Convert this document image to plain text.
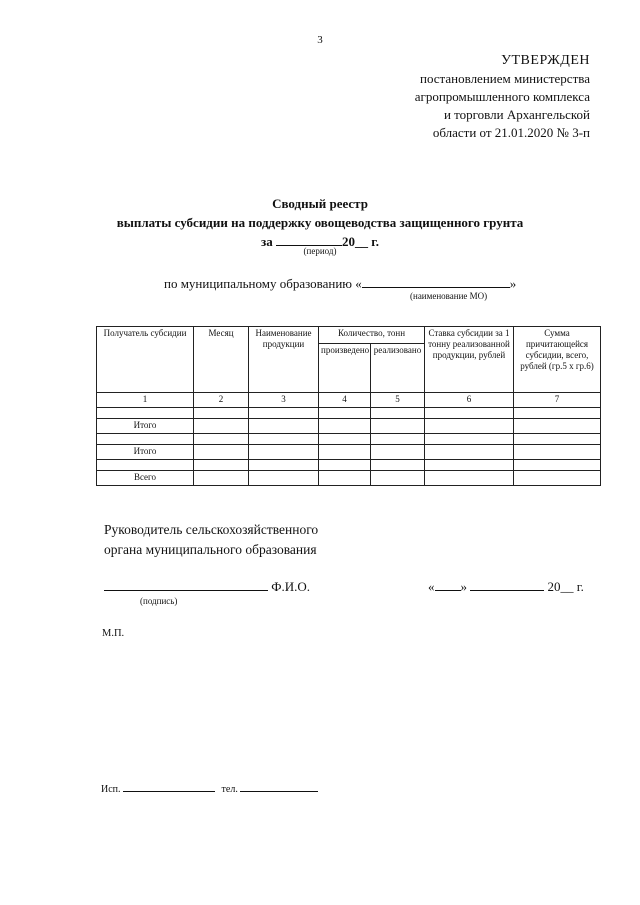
3
УТВЕРЖДЕН
постановлением министерства
агропромышленного комплекса
и торговли Архангельской
области от 21.01.2020 № 3-п
Сводный реестр
выплаты субсидии на поддержку овощеводства защищенного грунта
за	20__ г.
(период)
по муниципальному образованию «	»
(наименование МО)
Получатель субсидии	Месяц	Наименование продукции	Количество, тонн		Ставка субсидии за 1 тонну реализованной продукции, рублей	Сумма причитающейся субсидии, всего, рублей (гр.5 х гр.6)
			произведено	реализовано		
1	2	3	4	5	6	7

Итого						

Итого						

Всего						
Руководитель сельскохозяйственного
органа муниципального образования
Ф.И.О.
(подпись)
« »	20__ г.
М.П.
Исп.	тел.
